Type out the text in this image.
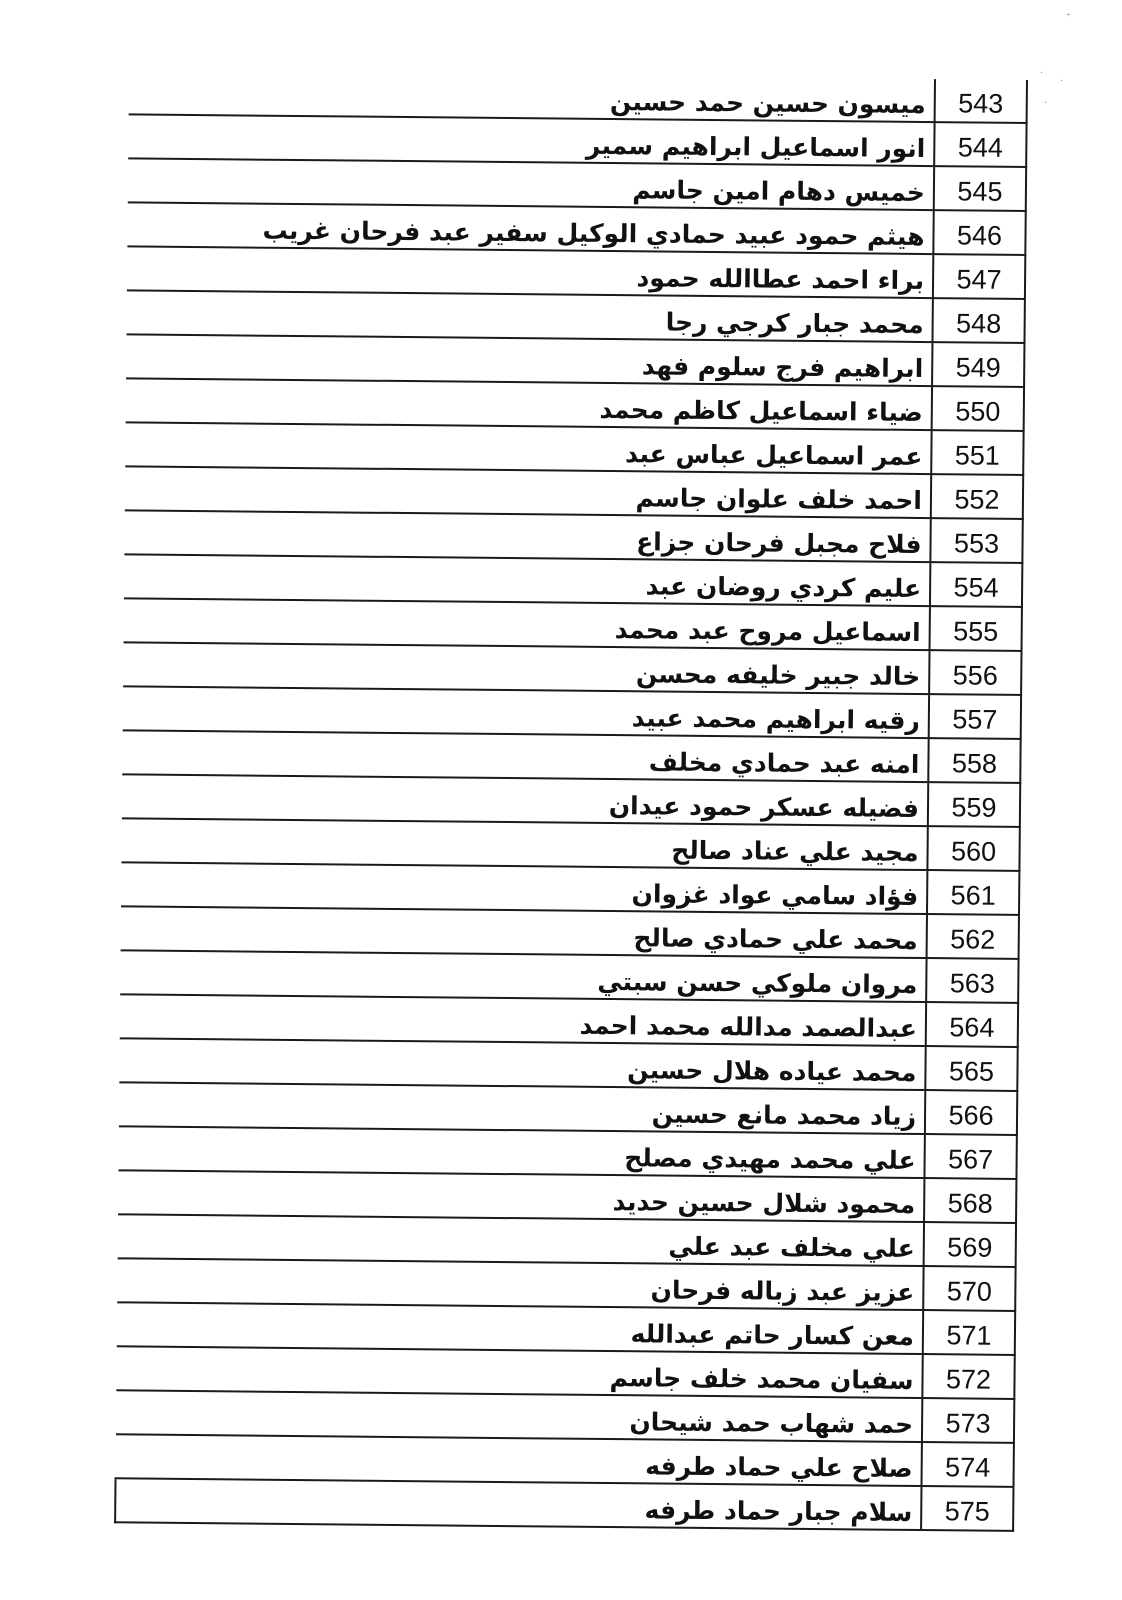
⁺
·
·
·
543	ميسون حسين حمد حسين
544	انور اسماعيل ابراهيم سمير
545	خميس دهام امين جاسم
546	هيثم حمود عبيد حمادي الوكيل سفير عبد فرحان غريب
547	براء احمد عطاالله حمود
548	محمد جبار كرجي رجا
549	ابراهيم فرج سلوم فهد
550	ضياء اسماعيل كاظم محمد
551	عمر اسماعيل عباس عبد
552	احمد خلف علوان جاسم
553	فلاح مجبل فرحان جزاع
554	عليم كردي روضان عبد
555	اسماعيل مروح عبد محمد
556	خالد جبير خليفه محسن
557	رقيه ابراهيم محمد عبيد
558	امنه عبد حمادي مخلف
559	فضيله عسكر حمود عيدان
560	مجيد علي عناد صالح
561	فؤاد سامي عواد غزوان
562	محمد علي حمادي صالح
563	مروان ملوكي حسن سبتي
564	عبدالصمد مدالله محمد احمد
565	محمد عياده هلال حسين
566	زياد محمد مانع حسين
567	علي محمد مهيدي مصلح
568	محمود شلال حسين حديد
569	علي مخلف عبد علي
570	عزيز عبد زباله فرحان
571	معن كسار حاتم عبدالله
572	سفيان محمد خلف جاسم
573	حمد شهاب حمد شيحان
574	صلاح علي حماد طرفه
575	سلام جبار حماد طرفه
